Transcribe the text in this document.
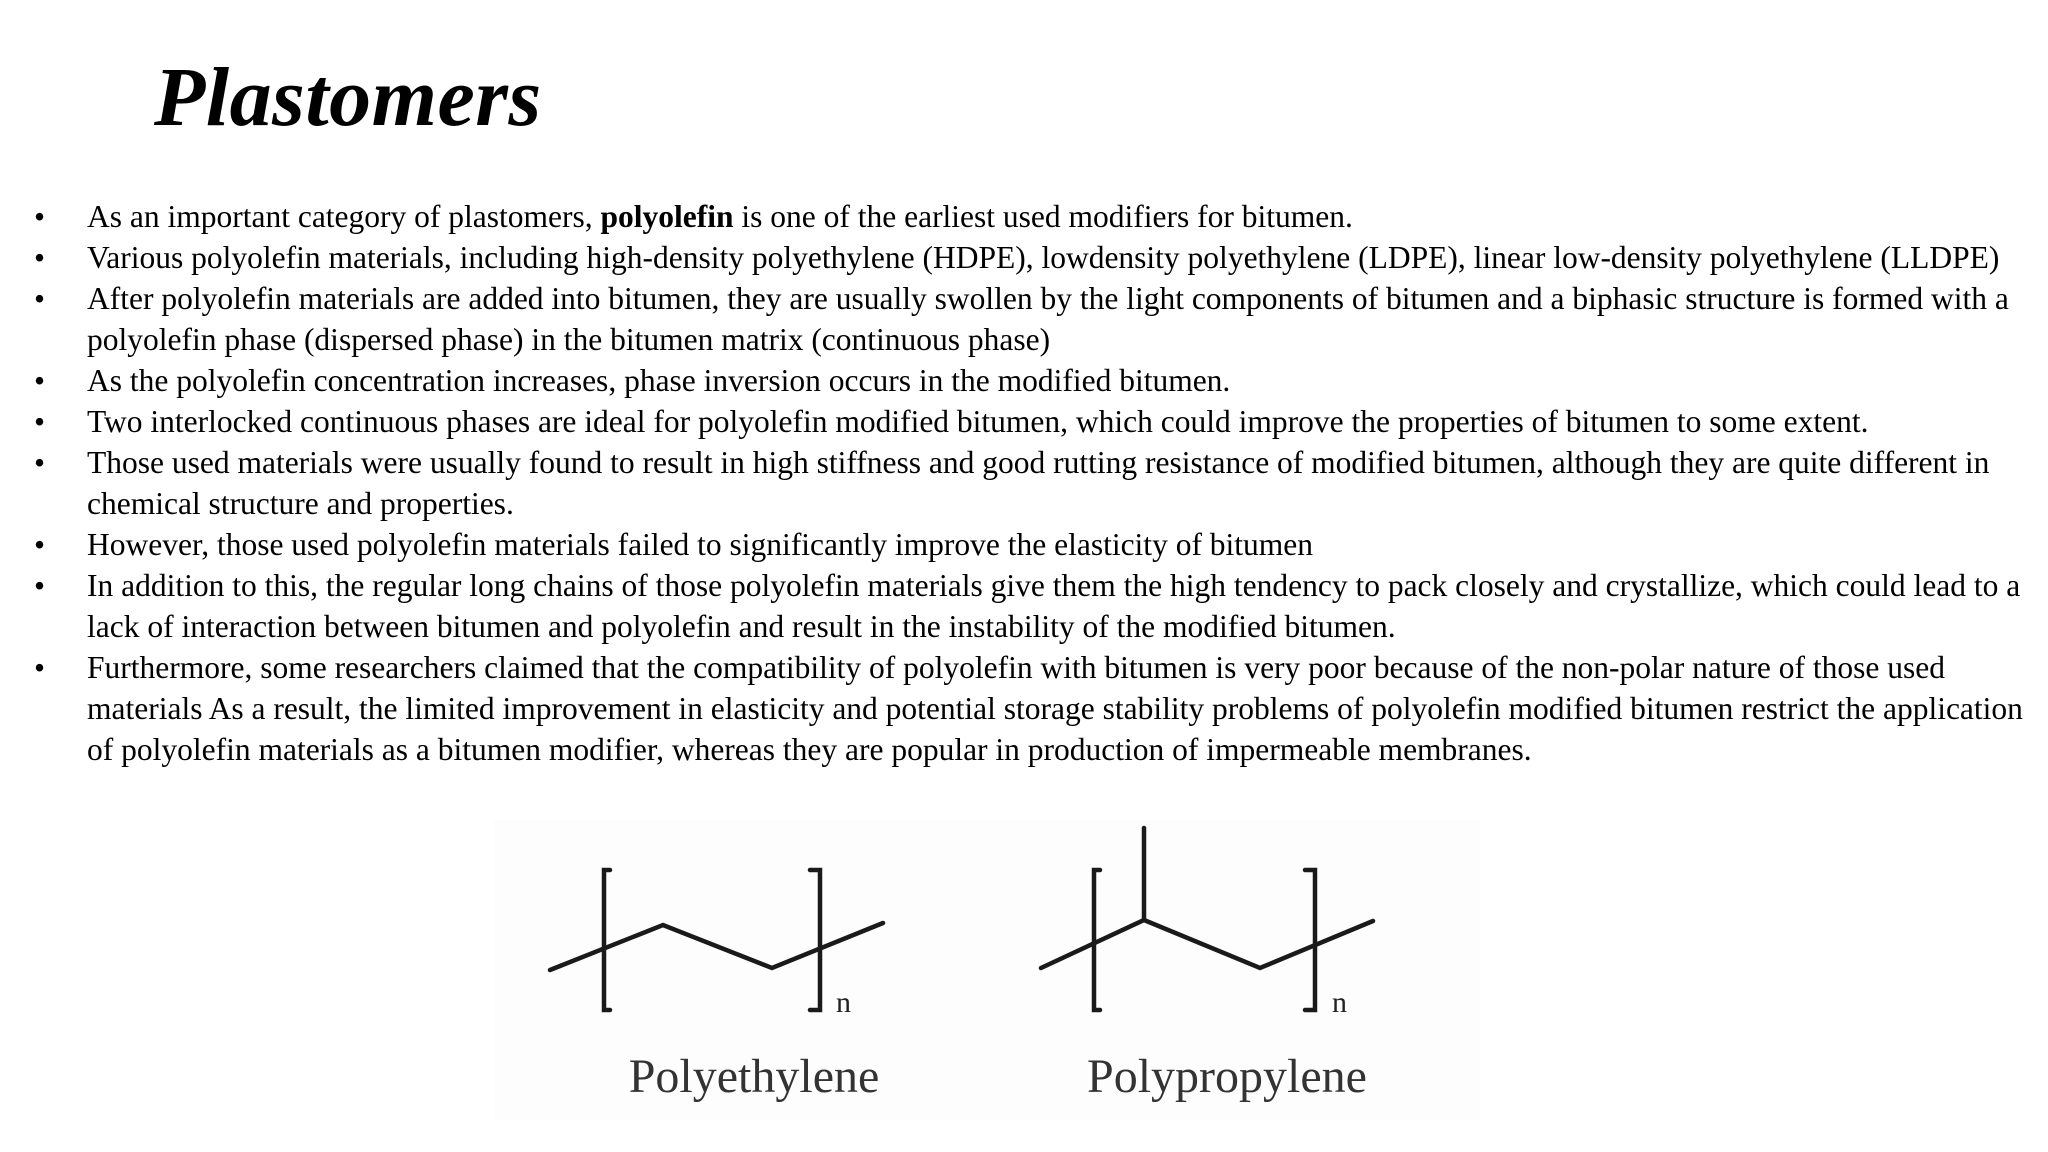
Plastomers
• As an important category of plastomers, polyolefin is one of the earliest used modifiers for bitumen.
• Various polyolefin materials, including high-density polyethylene (HDPE), lowdensity polyethylene (LDPE), linear low-density polyethylene (LLDPE)
• After polyolefin materials are added into bitumen, they are usually swollen by the light components of bitumen and a biphasic structure is formed with a polyolefin phase (dispersed phase) in the bitumen matrix (continuous phase)
• As the polyolefin concentration increases, phase inversion occurs in the modified bitumen.
• Two interlocked continuous phases are ideal for polyolefin modified bitumen, which could improve the properties of bitumen to some extent.
• Those used materials were usually found to result in high stiffness and good rutting resistance of modified bitumen, although they are quite different in chemical structure and properties.
• However, those used polyolefin materials failed to significantly improve the elasticity of bitumen
• In addition to this, the regular long chains of those polyolefin materials give them the high tendency to pack closely and crystallize, which could lead to a lack of interaction between bitumen and polyolefin and result in the instability of the modified bitumen.
• Furthermore, some researchers claimed that the compatibility of polyolefin with bitumen is very poor because of the non-polar nature of those used materials As a result, the limited improvement in elasticity and potential storage stability problems of polyolefin modified bitumen restrict the application of polyolefin materials as a bitumen modifier, whereas they are popular in production of impermeable membranes.
n
Polyethylene
n
Polypropylene
